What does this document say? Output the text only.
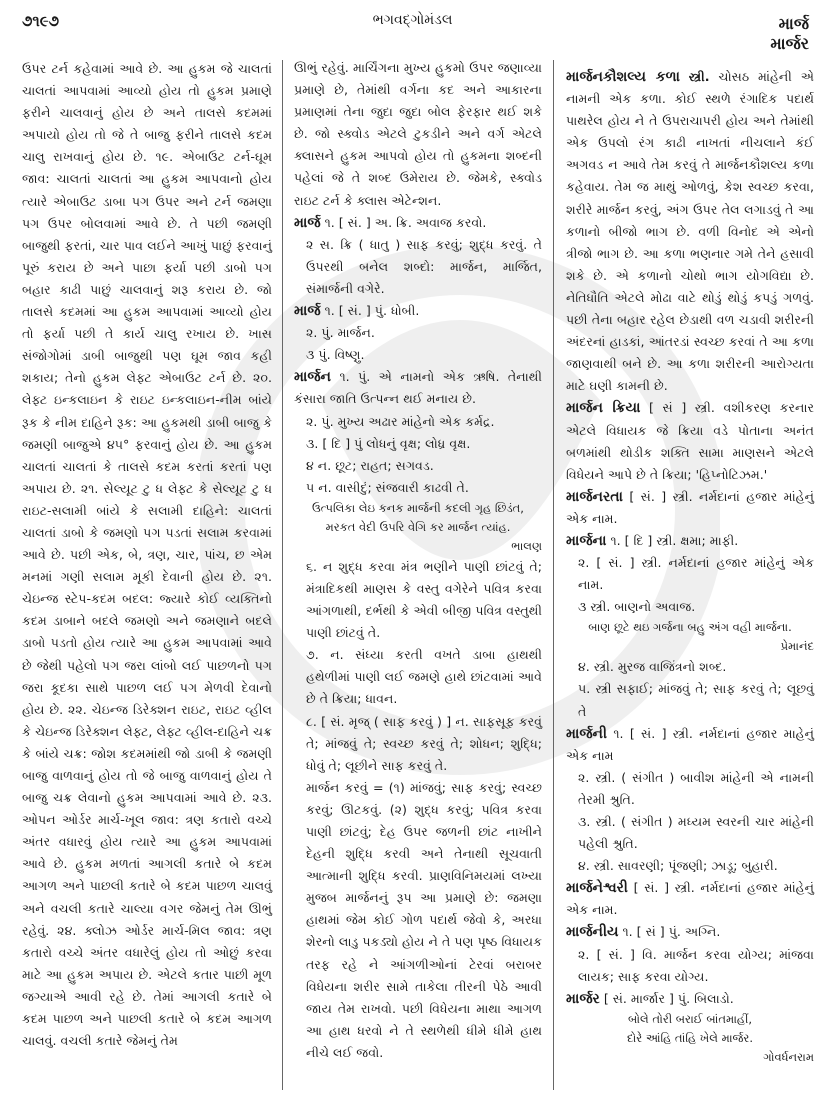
૭૧૯૭	ભગવદ્ગોમંડલ	માર્જ
માર્જર

ઉપર ટર્ન કહેવામાં આવે છે. આ હુકમ જે ચાલતાં ચાલતાં આપવામાં આવ્યો હોય તો હુકમ પ્રમાણે ફરીને ચાલવાનું હોય છે અને તાલસે કદમમાં અપાયો હોય તો જે તે બાજુ ફરીને તાલસે કદમ ચાલુ રાખવાનું હોય છે. ૧૯. એબાઉટ ટર્ન-ઘૂમ જાવ: ચાલતાં ચાલતાં આ હુકમ આપવાનો હોય ત્યારે એબાઉટ ડાબા પગ ઉપર અને ટર્ન જમણા પગ ઉપર બોલવામાં આવે છે. તે પછી જમણી બાજુથી ફરતાં, ચાર પાવ લઈને આખું પાછું ફરવાનું પૂરું કરાય છે અને પાછા ફર્યા પછી ડાબો પગ બહાર કાઢી પાછું ચાલવાનું શરૂ કરાય છે. જો તાલસે કદમમાં આ હુકમ આપવામાં આવ્યો હોય તો ફર્યા પછી તે કાર્ય ચાલુ રખાય છે. ખાસ સંજોગોમાં ડાબી બાજુથી પણ ઘૂમ જાવ કહી શકાય; તેનો હુકમ લેફ્ટ એબાઉટ ટર્ન છે. ૨૦. લેફ્ટ ઇન્કલાઇન કે રાઇટ ઇન્કલાઇન-નીમ બાંયે રૂક કે નીમ દાહિને રૂક: આ હુકમથી ડાબી બાજુ કે જમણી બાજુએ ૪૫° ફરવાનું હોય છે. આ હુકમ ચાલતાં ચાલતાં કે તાલસે કદમ કરતાં કરતાં પણ અપાય છે. ૨૧. સેલ્યૂટ ટુ ધ લેફ્ટ કે સેલ્યૂટ ટુ ધ રાઇટ-સલામી બાંયે કે સલામી દાહિને: ચાલતાં ચાલતાં ડાબો કે જમણો પગ પડતાં સલામ કરવામાં આવે છે. પછી એક, બે, ત્રણ, ચાર, પાંચ, છ એમ મનમાં ગણી સલામ મૂકી દેવાની હોય છે. ૨૧. ચેઇન્જ સ્ટેપ-કદમ બદલ: જ્યારે કોઈ વ્યક્તિનો કદમ ડાબાને બદલે જમણો અને જમણાને બદલે ડાબો પડતો હોય ત્યારે આ હુકમ આપવામાં આવે છે જેથી પહેલો પગ જરા લાંબો લઈ પાછળનો પગ જરા કૂદકા સાથે પાછળ લઈ પગ મેળવી દેવાનો હોય છે. ૨૨. ચેઇન્જ ડિરેક્શન રાઇટ, રાઇટ વ્હીલ કે ચેઇન્જ ડિરેક્શન લેફ્ટ, લેફ્ટ વ્હીલ-દાહિને ચક્ર કે બાંયે ચક્ર: જોશ કદમમાંથી જો ડાબી કે જમણી બાજુ વાળવાનું હોય તો જે બાજુ વાળવાનું હોય તે બાજુ ચક્ર લેવાનો હુકમ આપવામાં આવે છે. ૨૩. ઓપન ઓર્ડર માર્ચ-ખૂલ જાવ: ત્રણ કતારો વચ્ચે અંતર વધારવું હોય ત્યારે આ હુકમ આપવામાં આવે છે. હુકમ મળતાં આગલી કતારે બે કદમ આગળ અને પાછલી કતારે બે કદમ પાછળ ચાલવું અને વચલી કતારે ચાલ્યા વગર જેમનું તેમ ઊભું રહેવું. ૨૪. ક્લોઝ ઓર્ડર માર્ચ-મિલ જાવ: ત્રણ કતારો વચ્ચે અંતર વધારેલું હોય તો ઓછું કરવા માટે આ હુકમ અપાય છે. એટલે કતાર પાછી મૂળ જગ્યાએ આવી રહે છે. તેમાં આગલી કતારે બે કદમ પાછળ અને પાછલી કતારે બે કદમ આગળ ચાલવું. વચલી કતારે જેમનું તેમ

ઊભું રહેવું. માર્ચિંગના મુખ્ય હુકમો ઉપર જણાવ્યા પ્રમાણે છે, તેમાંથી વર્ગના કદ અને આકારના પ્રમાણમાં તેના જુદા જુદા બોલ ફેરફાર થઈ શકે છે. જો સ્ક્વોડ એટલે ટુકડીને અને વર્ગ એટલે ક્લાસને હુકમ આપવો હોય તો હુકમના શબ્દની પહેલાં જે તે શબ્દ ઉમેરાય છે. જેમકે, સ્ક્વોડ રાઇટ ટર્ન કે ક્લાસ એટેન્શન.

માર્જ ૧. [ સં. ] અ. ક્રિ. અવાજ કરવો.

૨ સ. ક્રિ ( ધાતુ ) સાફ કરવું; શુદ્ધ કરવું. તે ઉપરથી બનેલ શબ્દો: માર્જન, માર્જિત, સંમાર્જની વગેરે.

માર્જ ૧. [ સં. ] પું. ધોબી.

૨. પું. માર્જન.

૩ પું. વિષ્ણુ.

માર્જન ૧. પું. એ નામનો એક ઋષિ. તેનાથી કંસારા જાતિ ઉત્પન્ન થઈ મનાય છે.

૨. પું. મુખ્ય અઢાર માંહેનો એક કર્મદ્ર.

૩. [ દિ ] પું લોધનું વૃક્ષ; લોધ્ર વૃક્ષ.

૪ ન. છૂટ; રાહત; સગવડ.

૫ ન. વાસીદું; સંજવારી કાઢવી તે.

ઉત્પલિકા લેઇ કનક માર્જની કદલી ગૃહ છિડંત,

મરકત વેદી ઉપરિ વેગિ કર માર્જન ત્યાંહ.

ભાલણ

૬. ન શુદ્ધ કરવા મંત્ર ભણીને પાણી છાંટવું તે; મંત્રાદિકથી માણસ કે વસ્તુ વગેરેને પવિત્ર કરવા આંગળાથી, દર્ભથી કે એવી બીજી પવિત્ર વસ્તુથી પાણી છાંટવું તે.

૭. ન. સંધ્યા કરતી વખતે ડાબા હાથથી હથેળીમાં પાણી લઈ જમણે હાથે છાંટવામાં આવે છે તે ક્રિયા; ધાવન.

૮. [ સં. મૃજ્ ( સાફ કરવું ) ] ન. સાફસૂફ કરવું તે; માંજવું તે; સ્વચ્છ કરવું તે; શોધન; શુદ્ધિ; ધોવું તે; લૂછીને સાફ કરવું તે.

માર્જન કરવું = (૧) માંજવું; સાફ કરવું; સ્વચ્છ કરવું; ઊટકવું. (૨) શુદ્ધ કરવું; પવિત્ર કરવા પાણી છાંટવું; દેહ ઉપર જળની છાંટ નાખીને દેહની શુદ્ધિ કરવી અને તેનાથી સૂચવાતી આત્માની શુદ્ધિ કરવી. પ્રાણવિનિમયમાં લખ્યા મુજબ માર્જનનું રૂપ આ પ્રમાણે છે: જમણા હાથમાં જેમ કોઈ ગોળ પદાર્થ જેવો કે, અરધા શેરનો લાડુ પકડ્યો હોય ને તે પણ પૃષ્ઠ વિધાયક તરફ રહે ને આંગળીઓનાં ટેરવાં બરાબર વિધેયના શરીર સામે તાકેલા તીરની પેઠે આવી જાય તેમ રાખવો. પછી વિધેયના માથા આગળ આ હાથ ધરવો ને તે સ્થળેથી ધીમે ધીમે હાથ નીચે લઈ જવો.

માર્જનકૌશલ્ય કળા સ્ત્રી. ચોસઠ માંહેની એ નામની એક કળા. કોઈ સ્થળે રંગાદિક પદાર્થ પાથરેલ હોય ને તે ઉપરાચાપરી હોય અને તેમાંથી એક ઉપલો રંગ કાઢી નાખતાં નીચલાને કંઈ અગવડ ન આવે તેમ કરવું તે માર્જનકૌશલ્ય કળા કહેવાય. તેમ જ માથું ઓળવું, કેશ સ્વચ્છ કરવા, શરીરે માર્જન કરવું, અંગ ઉપર તેલ લગાડવું તે આ કળાનો બીજો ભાગ છે. વળી વિનોદ એ એનો ત્રીજો ભાગ છે. આ કળા ભણનાર ગમે તેને હસાવી શકે છે. એ કળાનો ચોથો ભાગ યોગવિદ્યા છે. નેતિધૌતિ એટલે મોઢા વાટે થોડું થોડું કપડું ગળવું. પછી તેના બહાર રહેલ છેડાથી વળ ચડાવી શરીરની અંદરનાં હાડકાં, આંતરડાં સ્વચ્છ કરવાં તે આ કળા જાણવાથી બને છે. આ કળા શરીરની આરોગ્યતા માટે ઘણી કામની છે.

માર્જન ક્રિયા [ સં ] સ્ત્રી. વશીકરણ કરનાર એટલે વિધાયક જે ક્રિયા વડે પોતાના અનંત બળમાંથી થોડીક શક્તિ સામા માણસને એટલે વિધેયને આપે છે તે ક્રિયા; 'હિપ્નોટિઝમ.'

માર્જનરતા [ સં. ] સ્ત્રી. નર્મદાનાં હજાર માંહેનું એક નામ.

માર્જના ૧. [ દિ ] સ્ત્રી. ક્ષમા; માફી.

૨. [ સં. ] સ્ત્રી. નર્મદાનાં હજાર માંહેનું એક નામ.

૩ સ્ત્રી. બાણનો અવાજ.

બાણ છૂટે થઇ ગર્જના બહુ અંગ વહી માર્જના.

પ્રેમાનંદ

૪. સ્ત્રી. મુરજ વાજિંત્રનો શબ્દ.

૫. સ્ત્રી સફાઈ; માંજવું તે; સાફ કરવું તે; લૂછવું તે

માર્જની ૧. [ સં. ] સ્ત્રી. નર્મદાનાં હજાર માહેનું એક નામ

૨. સ્ત્રી. ( સંગીત ) બાવીશ માંહેની એ નામની તેરમી શ્રુતિ.

૩. સ્ત્રી. ( સંગીત ) મધ્યમ સ્વરની ચાર માંહેની પહેલી શ્રુતિ.

૪. સ્ત્રી. સાવરણી; પૂંજણી; ઝાડૂ; બુહારી.

માર્જનેશ્વરી [ સં. ] સ્ત્રી. નર્મદાનાં હજાર માંહેનું એક નામ.

માર્જનીય ૧. [ સં ] પું. અગ્નિ.

૨. [ સં. ] વિ. માર્જન કરવા યોગ્ય; માંજવા લાયક; સાફ કરવા યોગ્ય.

માર્જર [ સં. માર્જાર ] પું. બિલાડો.

બોલે તોરી બરાઈ બાંતમાહીં,

દોરે આંહિ તાંહિ ખેલે માર્જર.

ગોવર્ધનરામ
